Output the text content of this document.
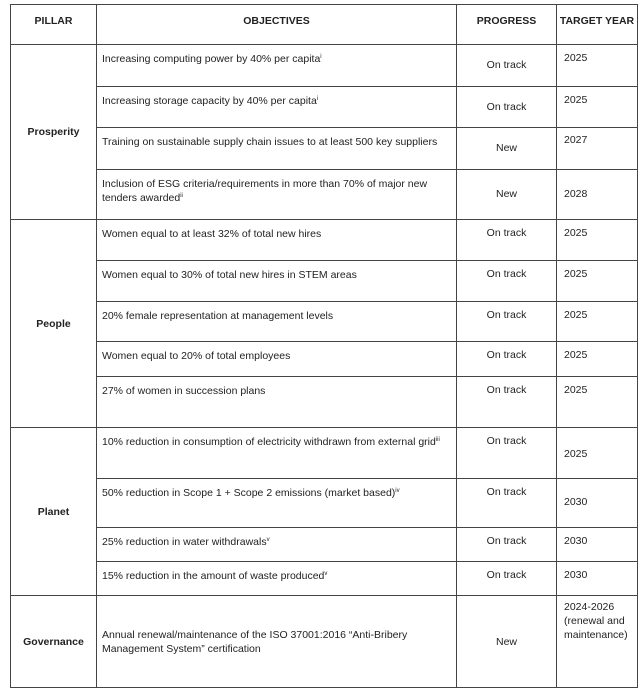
PILLAR	OBJECTIVES	PROGRESS	TARGET YEAR

Prosperity	Increasing computing power by 40% per capita$^i$	On track	2025
	Increasing storage capacity by 40% per capita$^i$	On track	2025
	Training on sustainable supply chain issues to at least 500 key suppliers	New	2027
	Inclusion of ESG criteria/requirements in more than 70% of major new tenders awarded$^{ii}$	New	2028
People	Women equal to at least 32% of total new hires	On track	2025
	Women equal to 30% of total new hires in STEM areas	On track	2025
	20% female representation at management levels	On track	2025
	Women equal to 20% of total employees	On track	2025
	27% of women in succession plans	On track	2025
Planet	10% reduction in consumption of electricity withdrawn from external grid$^{iii}$	On track	2025
	50% reduction in Scope 1 + Scope 2 emissions (market based)$^{iv}$	On track	2030
	25% reduction in water withdrawals$^v$	On track	2030
	15% reduction in the amount of waste produced$^v$	On track	2030
Governance	Annual renewal/maintenance of the ISO 37001:2016 “Anti-Bribery Management System” certification	New	2024-2026 (renewal and maintenance)
